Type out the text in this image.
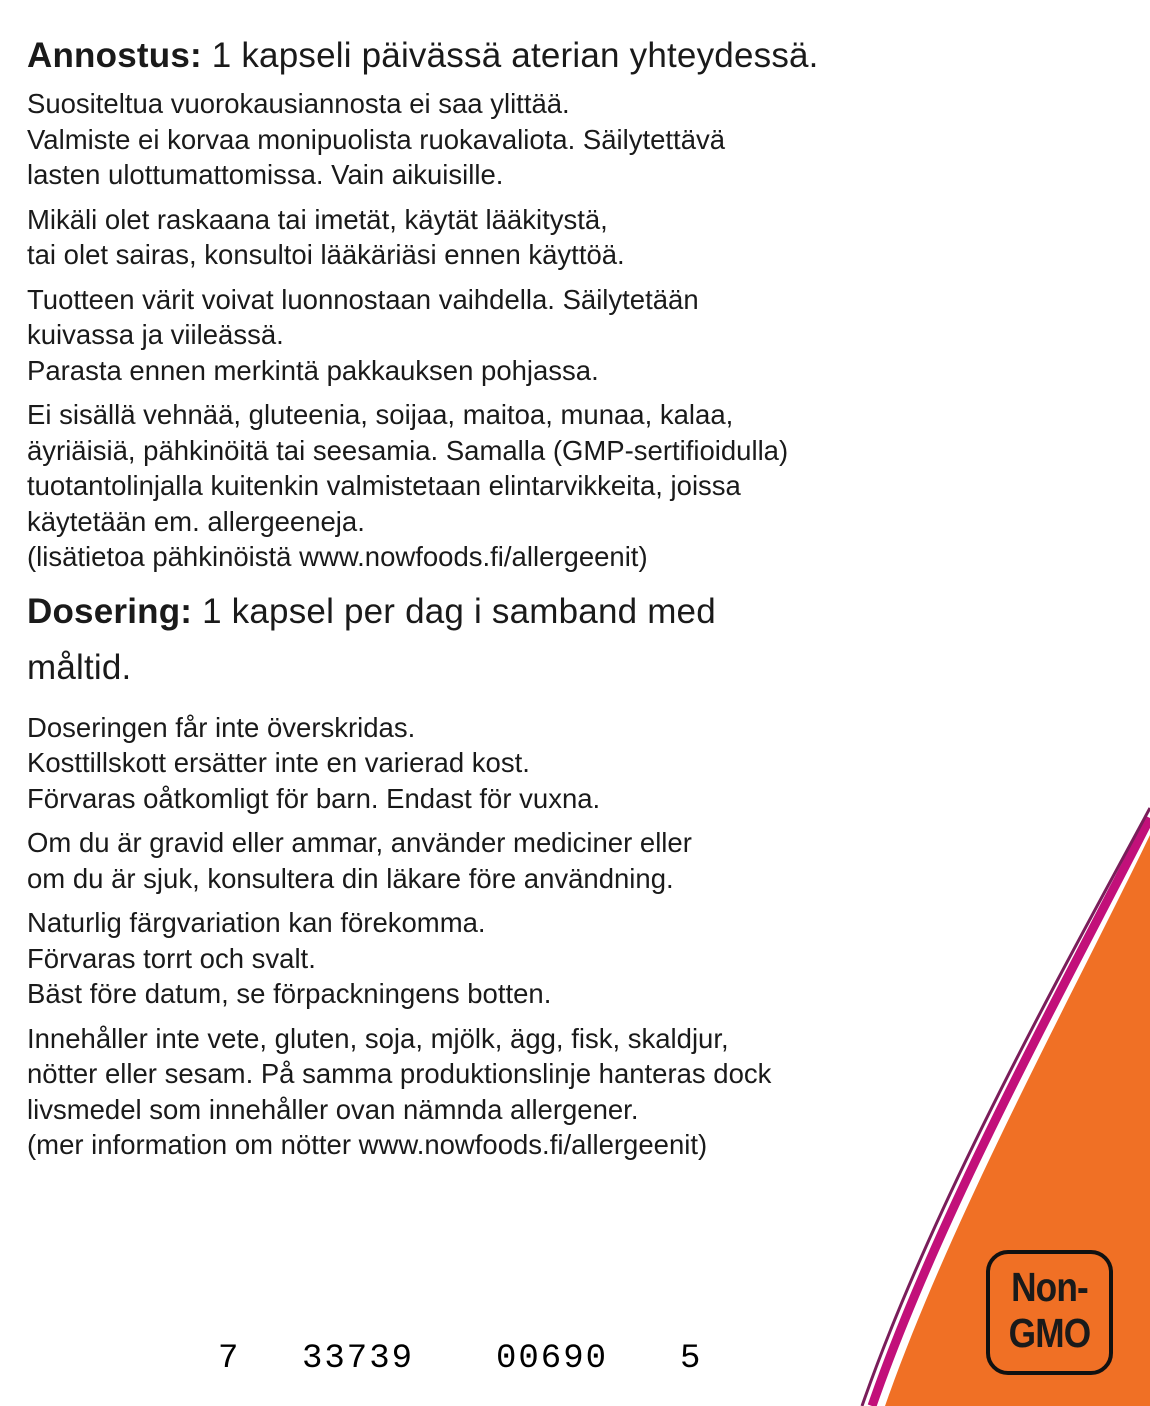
Annostus: 1 kapseli päivässä aterian yhteydessä.
Suositeltua vuorokausiannosta ei saa ylittää.
Valmiste ei korvaa monipuolista ruokavaliota. Säilytettävä
lasten ulottumattomissa. Vain aikuisille.
Mikäli olet raskaana tai imetät, käytät lääkitystä,
tai olet sairas, konsultoi lääkäriäsi ennen käyttöä.
Tuotteen värit voivat luonnostaan vaihdella. Säilytetään
kuivassa ja viileässä.
Parasta ennen merkintä pakkauksen pohjassa.
Ei sisällä vehnää, gluteenia, soijaa, maitoa, munaa, kalaa,
äyriäisiä, pähkinöitä tai seesamia. Samalla (GMP-sertifioidulla)
tuotantolinjalla kuitenkin valmistetaan elintarvikkeita, joissa
käytetään em. allergeeneja.
(lisätietoa pähkinöistä www.nowfoods.fi/allergeenit)
Dosering: 1 kapsel per dag i samband med
måltid.
Doseringen får inte överskridas.
Kosttillskott ersätter inte en varierad kost.
Förvaras oåtkomligt för barn. Endast för vuxna.
Om du är gravid eller ammar, använder mediciner eller
om du är sjuk, konsultera din läkare före användning.
Naturlig färgvariation kan förekomma.
Förvaras torrt och svalt.
Bäst före datum, se förpackningens botten.
Innehåller inte vete, gluten, soja, mjölk, ägg, fisk, skaldjur,
nötter eller sesam. På samma produktionslinje hanteras dock
livsmedel som innehåller ovan nämnda allergener.
(mer information om nötter www.nowfoods.fi/allergeenit)
7 33739 00690 5
Non-
GMO
